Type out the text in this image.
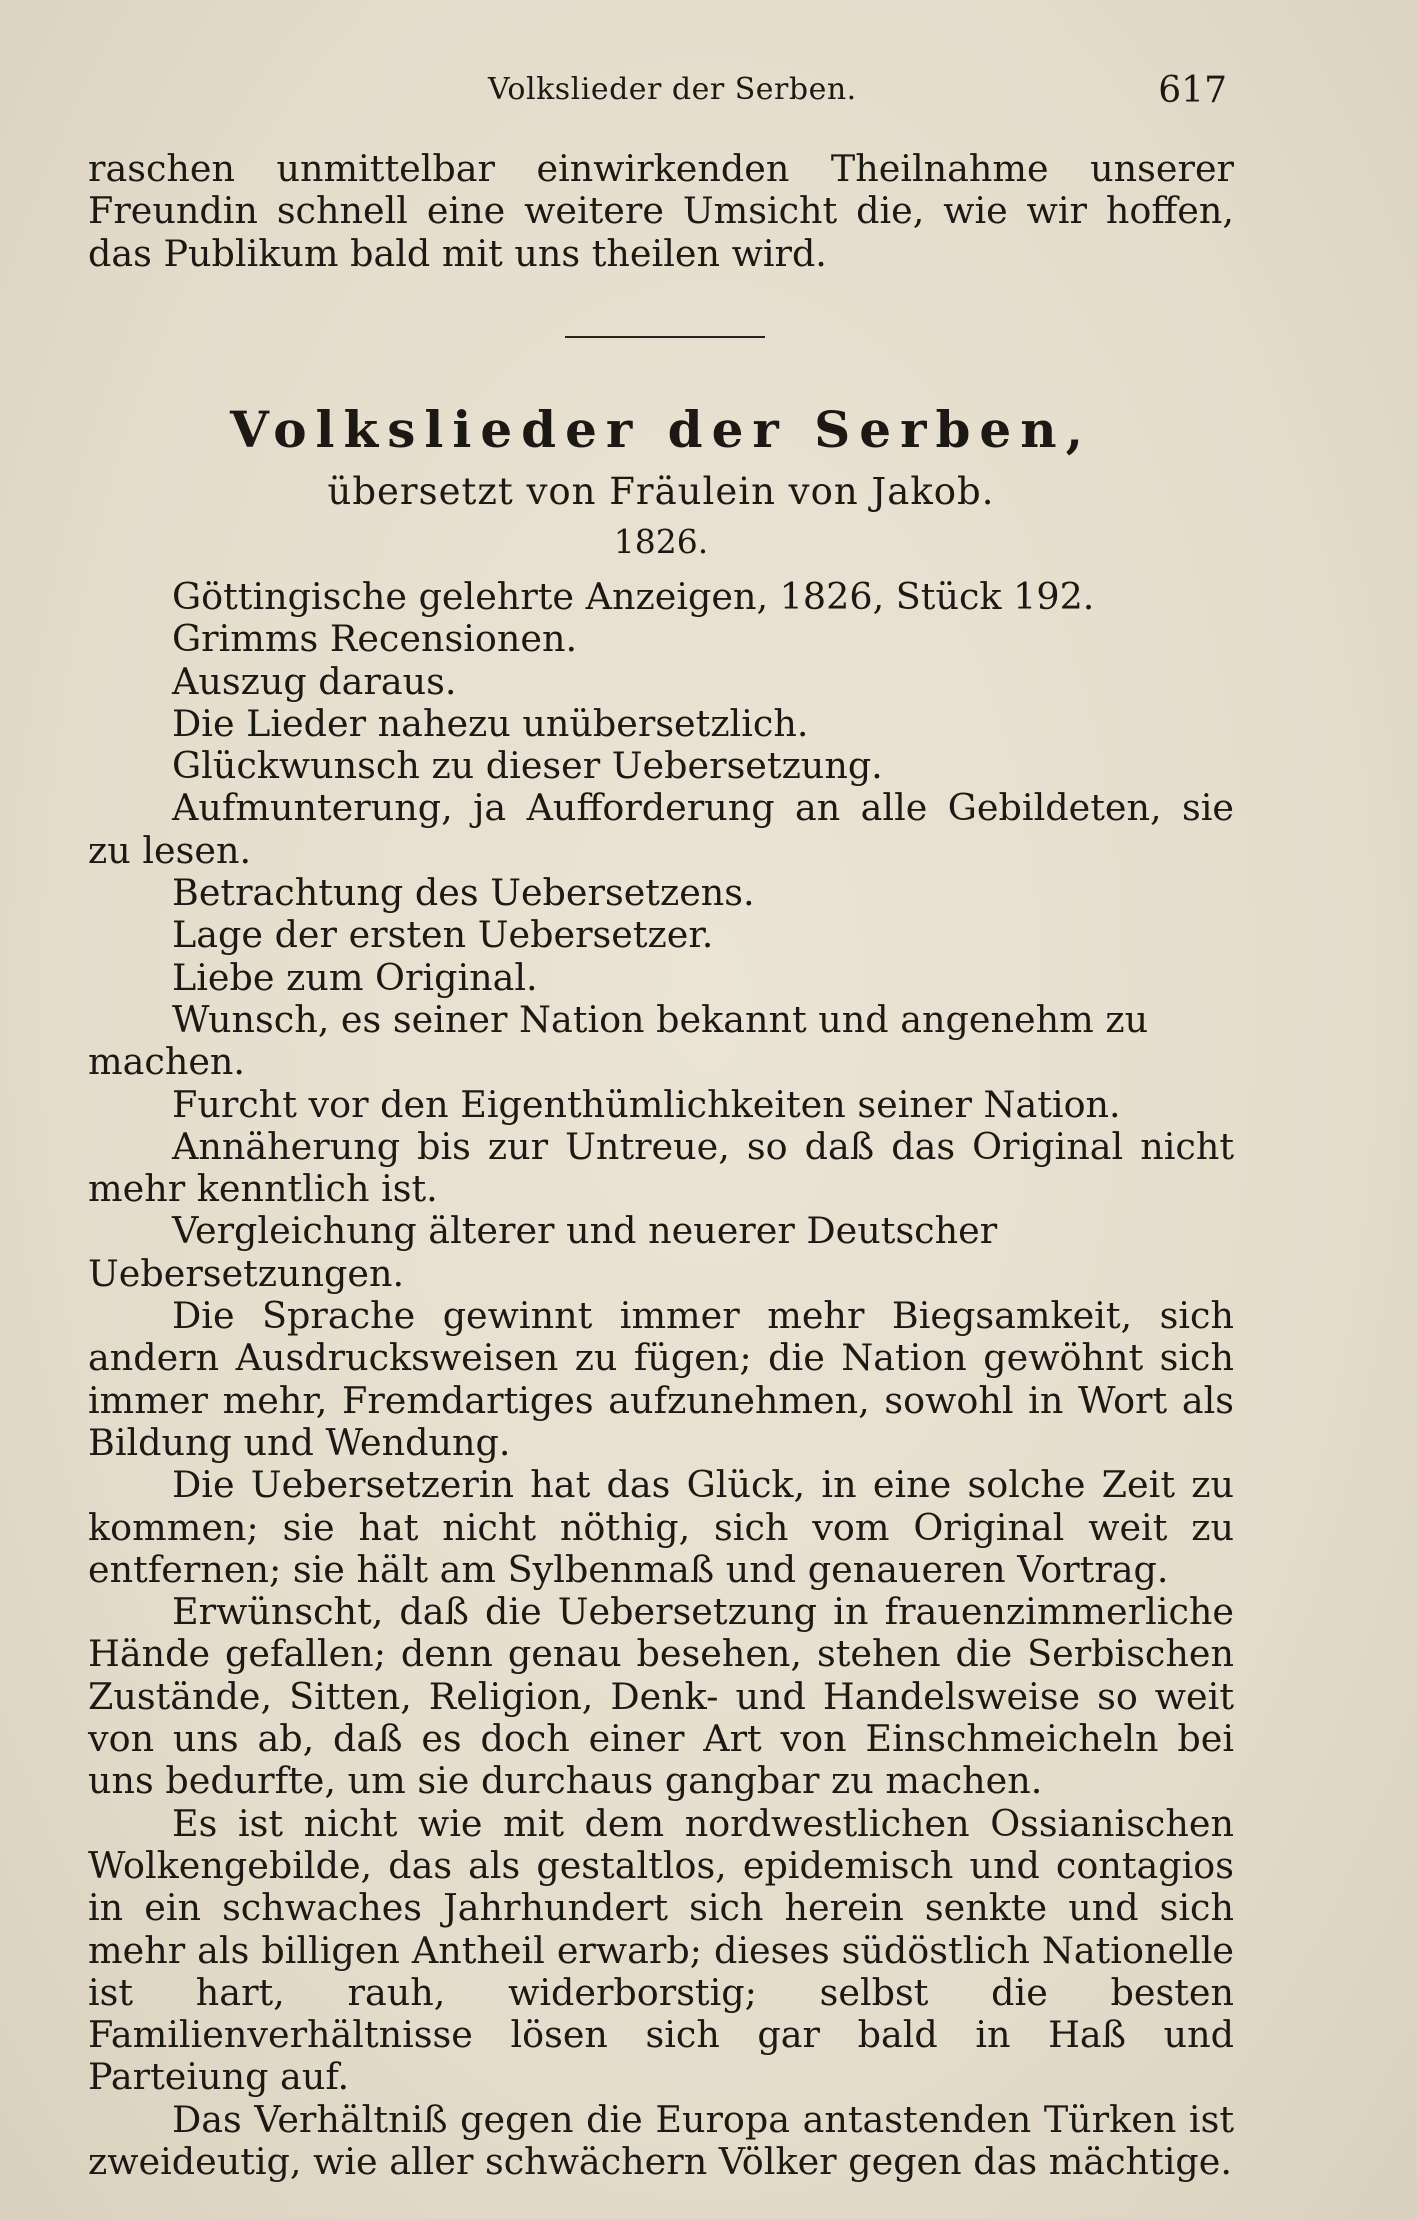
Volkslieder der Serben.	617

raschen unmittelbar einwirkenden Theilnahme unserer Freundin schnell eine weitere Umsicht die, wie wir hoffen, das Publikum bald mit uns theilen wird.

Volkslieder der Serben,
übersetzt von Fräulein von Jakob.
1826.

Göttingische gelehrte Anzeigen, 1826, Stück 192.

Grimms Recensionen.

Auszug daraus.

Die Lieder nahezu unübersetzlich.

Glückwunsch zu dieser Uebersetzung.

Aufmunterung, ja Aufforderung an alle Gebildeten, sie zu lesen.

Betrachtung des Uebersetzens.

Lage der ersten Uebersetzer.

Liebe zum Original.

Wunsch, es seiner Nation bekannt und angenehm zu machen.

Furcht vor den Eigenthümlichkeiten seiner Nation.

Annäherung bis zur Untreue, so daß das Original nicht mehr kenntlich ist.

Vergleichung älterer und neuerer Deutscher Uebersetzungen.

Die Sprache gewinnt immer mehr Biegsamkeit, sich andern Ausdrucksweisen zu fügen; die Nation gewöhnt sich immer mehr, Fremdartiges aufzunehmen, sowohl in Wort als Bildung und Wendung.

Die Uebersetzerin hat das Glück, in eine solche Zeit zu kommen; sie hat nicht nöthig, sich vom Original weit zu entfernen; sie hält am Sylbenmaß und genaueren Vortrag.

Erwünscht, daß die Uebersetzung in frauenzimmerliche Hände gefallen; denn genau besehen, stehen die Serbischen Zustände, Sitten, Religion, Denk- und Handelsweise so weit von uns ab, daß es doch einer Art von Einschmeicheln bei uns bedurfte, um sie durchaus gangbar zu machen.

Es ist nicht wie mit dem nordwestlichen Ossianischen Wolkengebilde, das als gestaltlos, epidemisch und contagios in ein schwaches Jahrhundert sich herein senkte und sich mehr als billigen Antheil erwarb; dieses südöstlich Nationelle ist hart, rauh, widerborstig; selbst die besten Familienverhältnisse lösen sich gar bald in Haß und Parteiung auf.

Das Verhältniß gegen die Europa antastenden Türken ist zweideutig, wie aller schwächern Völker gegen das mächtige.
